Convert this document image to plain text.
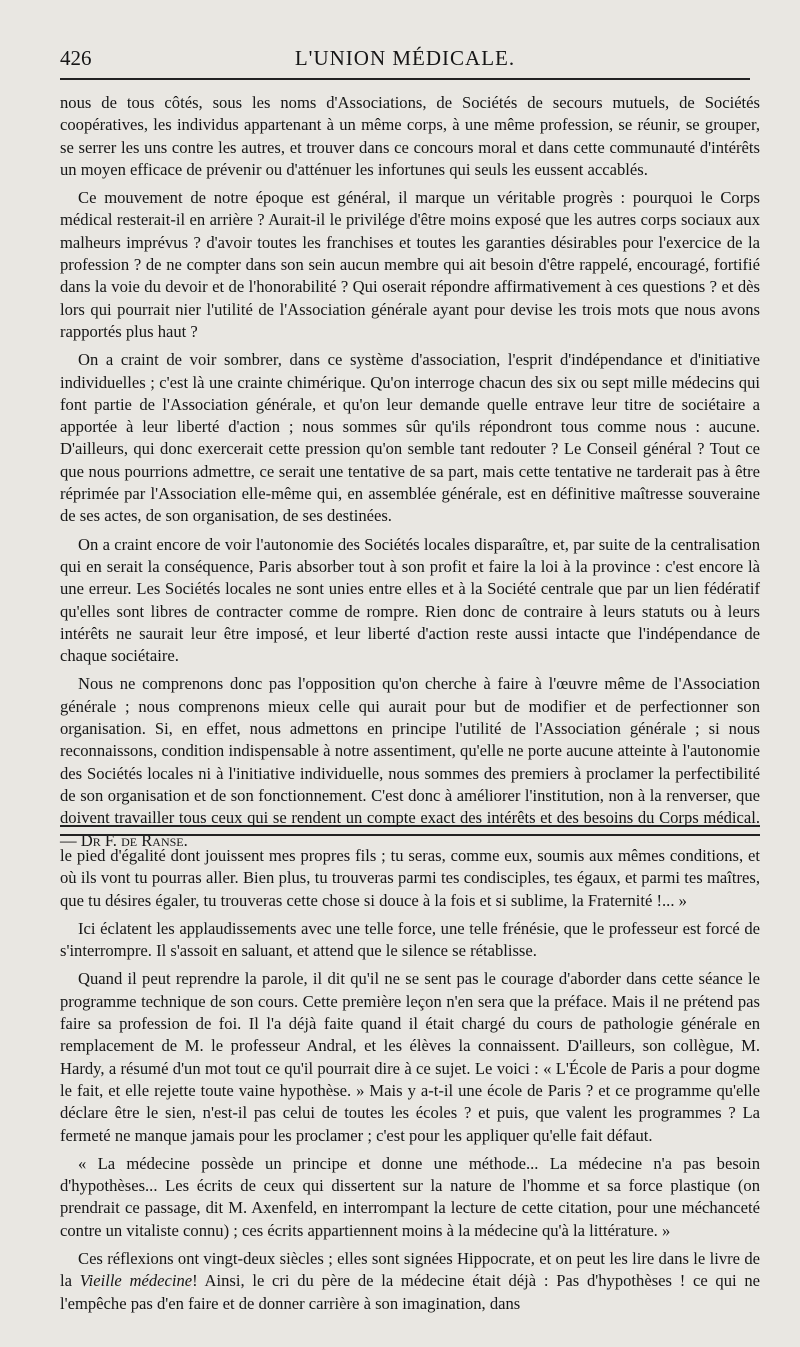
426	L'UNION MÉDICALE.

nous de tous côtés, sous les noms d'Associations, de Sociétés de secours mutuels, de Sociétés coopératives, les individus appartenant à un même corps, à une même profession, se réunir, se grouper, se serrer les uns contre les autres, et trouver dans ce concours moral et dans cette communauté d'intérêts un moyen efficace de prévenir ou d'atténuer les infortunes qui seuls les eussent accablés.

Ce mouvement de notre époque est général, il marque un véritable progrès : pourquoi le Corps médical resterait-il en arrière ? Aurait-il le privilége d'être moins exposé que les autres corps sociaux aux malheurs imprévus ? d'avoir toutes les franchises et toutes les garanties désirables pour l'exercice de la profession ? de ne compter dans son sein aucun membre qui ait besoin d'être rappelé, encouragé, fortifié dans la voie du devoir et de l'honorabilité ? Qui oserait répondre affirmativement à ces questions ? et dès lors qui pourrait nier l'utilité de l'Association générale ayant pour devise les trois mots que nous avons rapportés plus haut ?

On a craint de voir sombrer, dans ce système d'association, l'esprit d'indépendance et d'initiative individuelles ; c'est là une crainte chimérique. Qu'on interroge chacun des six ou sept mille médecins qui font partie de l'Association générale, et qu'on leur demande quelle entrave leur titre de sociétaire a apportée à leur liberté d'action ; nous sommes sûr qu'ils répondront tous comme nous : aucune. D'ailleurs, qui donc exercerait cette pression qu'on semble tant redouter ? Le Conseil général ? Tout ce que nous pourrions admettre, ce serait une tentative de sa part, mais cette tentative ne tarderait pas à être réprimée par l'Association elle-même qui, en assemblée générale, est en définitive maîtresse souveraine de ses actes, de son organisation, de ses destinées.

On a craint encore de voir l'autonomie des Sociétés locales disparaître, et, par suite de la centralisation qui en serait la conséquence, Paris absorber tout à son profit et faire la loi à la province : c'est encore là une erreur. Les Sociétés locales ne sont unies entre elles et à la Société centrale que par un lien fédératif qu'elles sont libres de contracter comme de rompre. Rien donc de contraire à leurs statuts ou à leurs intérêts ne saurait leur être imposé, et leur liberté d'action reste aussi intacte que l'indépendance de chaque sociétaire.

Nous ne comprenons donc pas l'opposition qu'on cherche à faire à l'œuvre même de l'Association générale ; nous comprenons mieux celle qui aurait pour but de modifier et de perfectionner son organisation. Si, en effet, nous admettons en principe l'utilité de l'Association générale ; si nous reconnaissons, condition indispensable à notre assentiment, qu'elle ne porte aucune atteinte à l'autonomie des Sociétés locales ni à l'initiative individuelle, nous sommes des premiers à proclamer la perfectibilité de son organisation et de son fonctionnement. C'est donc à améliorer l'institution, non à la renverser, que doivent travailler tous ceux qui se rendent un compte exact des intérêts et des besoins du Corps médical. — Dr F. de Ranse.

le pied d'égalité dont jouissent mes propres fils ; tu seras, comme eux, soumis aux mêmes conditions, et où ils vont tu pourras aller. Bien plus, tu trouveras parmi tes condisciples, tes égaux, et parmi tes maîtres, que tu désires égaler, tu trouveras cette chose si douce à la fois et si sublime, la Fraternité !... »

Ici éclatent les applaudissements avec une telle force, une telle frénésie, que le professeur est forcé de s'interrompre. Il s'assoit en saluant, et attend que le silence se rétablisse.

Quand il peut reprendre la parole, il dit qu'il ne se sent pas le courage d'aborder dans cette séance le programme technique de son cours. Cette première leçon n'en sera que la préface. Mais il ne prétend pas faire sa profession de foi. Il l'a déjà faite quand il était chargé du cours de pathologie générale en remplacement de M. le professeur Andral, et les élèves la connaissent. D'ailleurs, son collègue, M. Hardy, a résumé d'un mot tout ce qu'il pourrait dire à ce sujet. Le voici : « L'École de Paris a pour dogme le fait, et elle rejette toute vaine hypothèse. » Mais y a-t-il une école de Paris ? et ce programme qu'elle déclare être le sien, n'est-il pas celui de toutes les écoles ? et puis, que valent les programmes ? La fermeté ne manque jamais pour les proclamer ; c'est pour les appliquer qu'elle fait défaut.

« La médecine possède un principe et donne une méthode... La médecine n'a pas besoin d'hypothèses... Les écrits de ceux qui dissertent sur la nature de l'homme et sa force plastique (on prendrait ce passage, dit M. Axenfeld, en interrompant la lecture de cette citation, pour une méchanceté contre un vitaliste connu) ; ces écrits appartiennent moins à la médecine qu'à la littérature. »

Ces réflexions ont vingt-deux siècles ; elles sont signées Hippocrate, et on peut les lire dans le livre de la Vieille médecine! Ainsi, le cri du père de la médecine était déjà : Pas d'hypothèses ! ce qui ne l'empêche pas d'en faire et de donner carrière à son imagination, dans
